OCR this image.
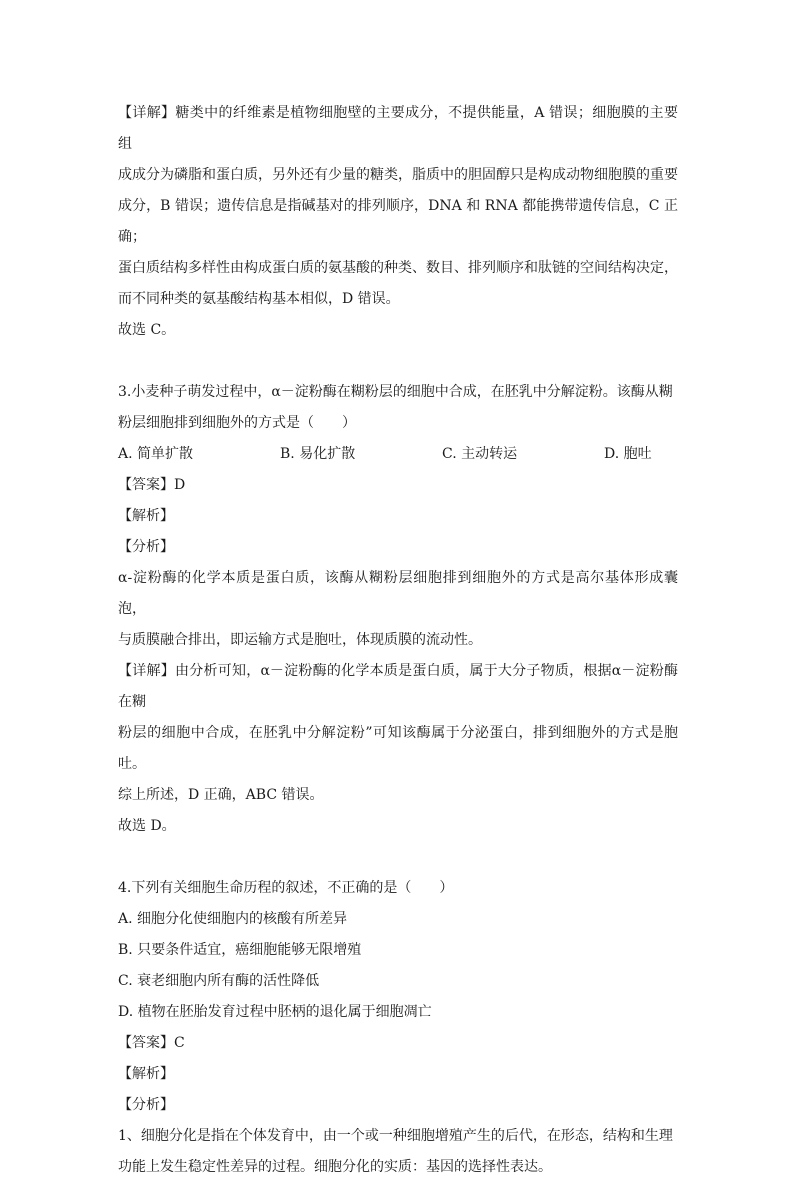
【详解】糖类中的纤维素是植物细胞壁的主要成分，不提供能量，A 错误；细胞膜的主要组

成成分为磷脂和蛋白质，另外还有少量的糖类，脂质中的胆固醇只是构成动物细胞膜的重要

成分，B 错误；遗传信息是指碱基对的排列顺序，DNA 和 RNA 都能携带遗传信息，C 正确；

蛋白质结构多样性由构成蛋白质的氨基酸的种类、数目、排列顺序和肽链的空间结构决定，

而不同种类的氨基酸结构基本相似，D 错误。

故选 C。

3.小麦种子萌发过程中，α－淀粉酶在糊粉层的细胞中合成，在胚乳中分解淀粉。该酶从糊

粉层细胞排到细胞外的方式是（　　）

A. 简单扩散	B. 易化扩散	C. 主动转运	D. 胞吐

【答案】D

【解析】

【分析】

α-淀粉酶的化学本质是蛋白质，该酶从糊粉层细胞排到细胞外的方式是高尔基体形成囊泡，

与质膜融合排出，即运输方式是胞吐，体现质膜的流动性。

【详解】由分析可知，α－淀粉酶的化学本质是蛋白质，属于大分子物质，根据α－淀粉酶在糊

粉层的细胞中合成，在胚乳中分解淀粉”可知该酶属于分泌蛋白，排到细胞外的方式是胞吐。

综上所述，D 正确，ABC 错误。

故选 D。

4.下列有关细胞生命历程的叙述，不正确的是（　　）

A. 细胞分化使细胞内的核酸有所差异

B. 只要条件适宜，癌细胞能够无限增殖

C. 衰老细胞内所有酶的活性降低

D. 植物在胚胎发育过程中胚柄的退化属于细胞凋亡

【答案】C

【解析】

【分析】

1、细胞分化是指在个体发育中，由一个或一种细胞增殖产生的后代，在形态，结构和生理

功能上发生稳定性差异的过程。细胞分化的实质：基因的选择性表达。
